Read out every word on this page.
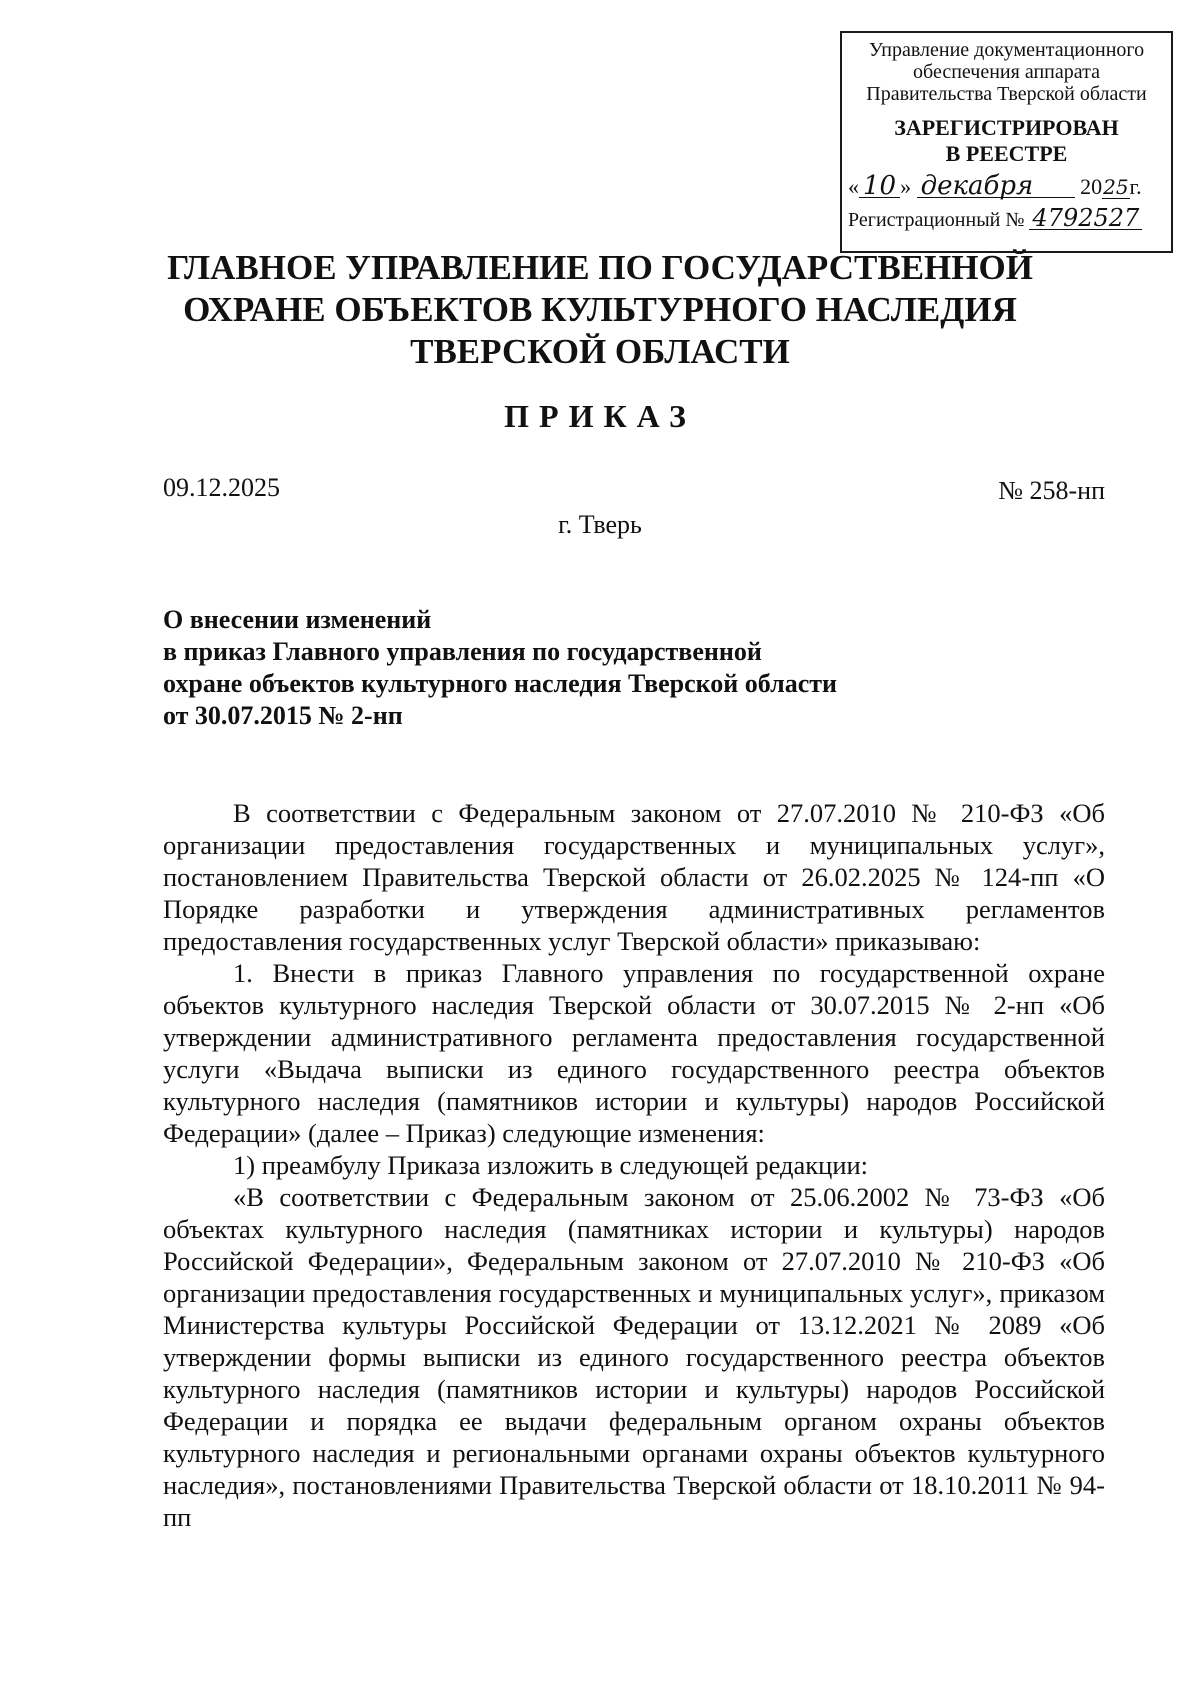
Управление документационного
обеспечения аппарата
Правительства Тверской области
ЗАРЕГИСТРИРОВАН
В РЕЕСТРЕ
« 10 » декабря 2025г.
Регистрационный № 4792527
ГЛАВНОЕ УПРАВЛЕНИЕ ПО ГОСУДАРСТВЕННОЙ
ОХРАНЕ ОБЪЕКТОВ КУЛЬТУРНОГО НАСЛЕДИЯ
ТВЕРСКОЙ ОБЛАСТИ
ПРИКАЗ
09.12.2025	№ 258-нп
г. Тверь
О внесении изменений
в приказ Главного управления по государственной
охране объектов культурного наследия Тверской области
от 30.07.2015 № 2-нп

В соответствии с Федеральным законом от 27.07.2010 № 210-ФЗ «Об организации предоставления государственных и муниципальных услуг», постановлением Правительства Тверской области от 26.02.2025 № 124-пп «О Порядке разработки и утверждения административных регламентов предоставления государственных услуг Тверской области» приказываю:

1. Внести в приказ Главного управления по государственной охране объектов культурного наследия Тверской области от 30.07.2015 № 2-нп «Об утверждении административного регламента предоставления государственной услуги «Выдача выписки из единого государственного реестра объектов культурного наследия (памятников истории и культуры) народов Российской Федерации» (далее – Приказ) следующие изменения:

1) преамбулу Приказа изложить в следующей редакции:

«В соответствии с Федеральным законом от 25.06.2002 № 73-ФЗ «Об объектах культурного наследия (памятниках истории и культуры) народов Российской Федерации», Федеральным законом от 27.07.2010 № 210-ФЗ «Об организации предоставления государственных и муниципальных услуг», приказом Министерства культуры Российской Федерации от 13.12.2021 № 2089 «Об утверждении формы выписки из единого государственного реестра объектов культурного наследия (памятников истории и культуры) народов Российской Федерации и порядка ее выдачи федеральным органом охраны объектов культурного наследия и региональными органами охраны объектов культурного наследия», постановлениями Правительства Тверской области от 18.10.2011 № 94-пп
